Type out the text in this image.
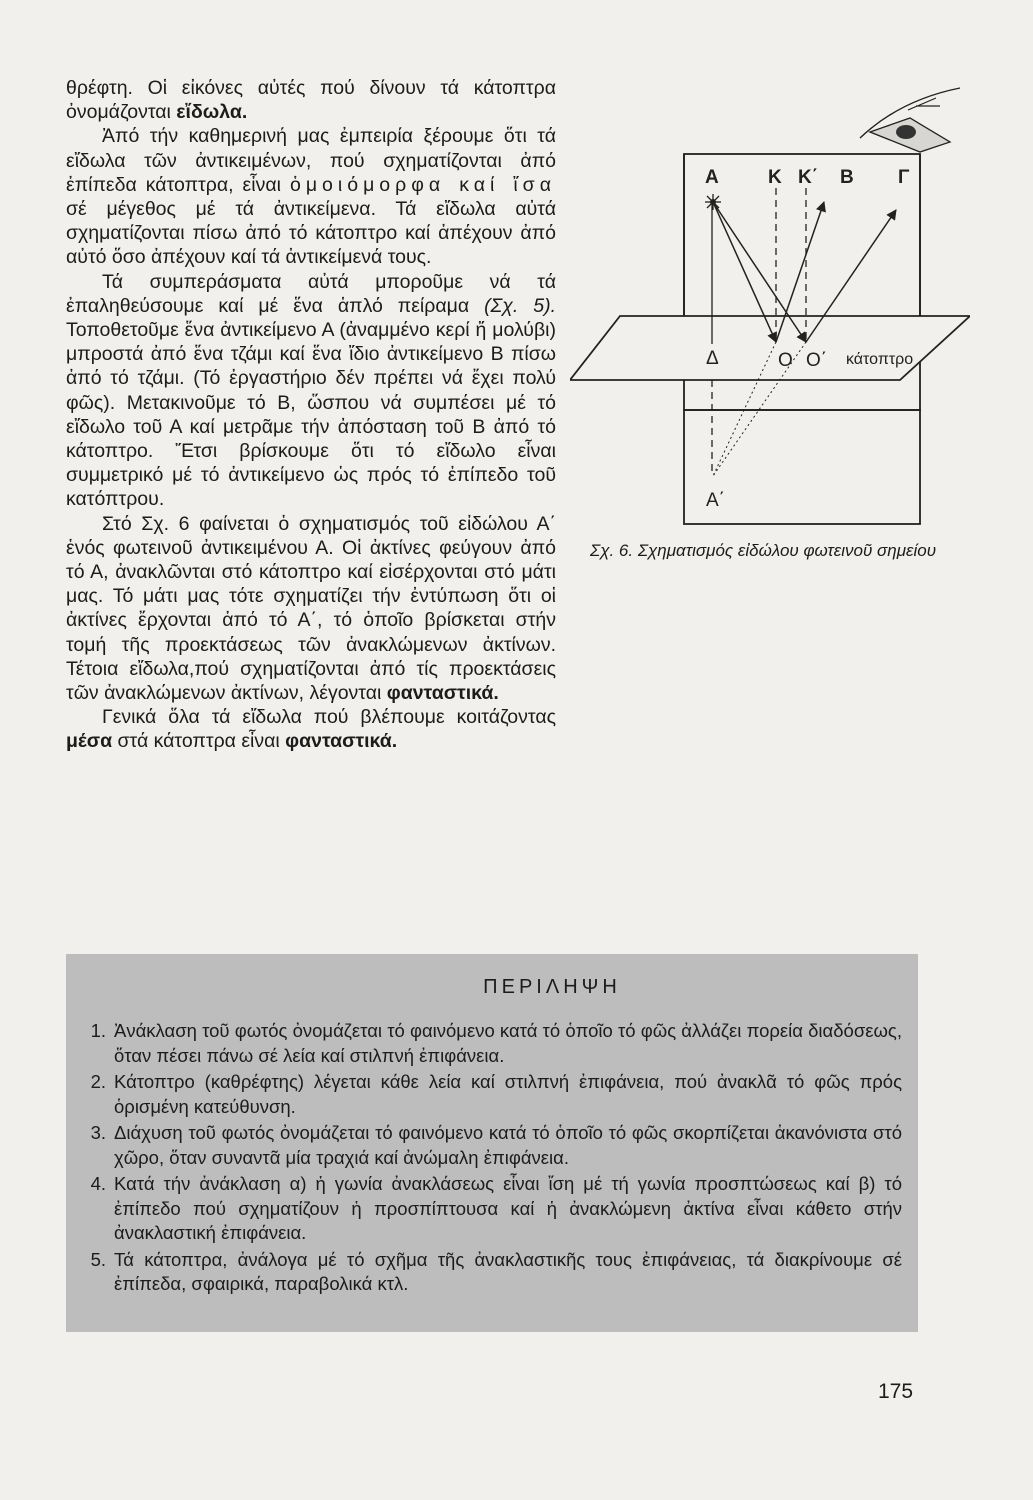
θρέφτη. Οἱ εἰκόνες αὐτές πού δίνουν τά κάτοπτρα ὀνομάζονται εἴδωλα.

Ἀπό τήν καθημερινή μας ἐμπειρία ξέρουμε ὅτι τά εἴδωλα τῶν ἀντικειμένων, πού σχηματίζονται ἀπό ἐπίπεδα κάτοπτρα, εἶναι ὁμοιόμορφα καί ἴσα σέ μέγεθος μέ τά ἀντικείμενα. Τά εἴδωλα αὐτά σχηματίζονται πίσω ἀπό τό κάτοπτρο καί ἀπέχουν ἀπό αὐτό ὅσο ἀπέχουν καί τά ἀντικείμενά τους.

Τά συμπεράσματα αὐτά μποροῦμε νά τά ἐπαληθεύσουμε καί μέ ἕνα ἁπλό πείραμα (Σχ. 5). Τοποθετοῦμε ἕνα ἀντικείμενο Α (ἀναμμένο κερί ἤ μολύβι) μπροστά ἀπό ἕνα τζάμι καί ἕνα ἴδιο ἀντικείμενο Β πίσω ἀπό τό τζάμι. (Τό ἐργαστήριο δέν πρέπει νά ἔχει πολύ φῶς). Μετακινοῦμε τό Β, ὥσπου νά συμπέσει μέ τό εἴδωλο τοῦ Α καί μετρᾶμε τήν ἀπόσταση τοῦ Β ἀπό τό κάτοπτρο. Ἔτσι βρίσκουμε ὅτι τό εἴδωλο εἶναι συμμετρικό μέ τό ἀντικείμενο ὡς πρός τό ἐπίπεδο τοῦ κατόπτρου.

Στό Σχ. 6 φαίνεται ὁ σχηματισμός τοῦ εἰδώλου Α΄ ἑνός φωτεινοῦ ἀντικειμένου Α. Οἱ ἀκτίνες φεύγουν ἀπό τό Α, ἀνακλῶνται στό κάτοπτρο καί εἰσέρχονται στό μάτι μας. Τό μάτι μας τότε σχηματίζει τήν ἐντύπωση ὅτι οἱ ἀκτίνες ἔρχονται ἀπό τό Α΄, τό ὁποῖο βρίσκεται στήν τομή τῆς προεκτάσεως τῶν ἀνακλώμενων ἀκτίνων. Τέτοια εἴδωλα,πού σχηματίζονται ἀπό τίς προεκτάσεις τῶν ἀνακλώμενων ἀκτίνων, λέγονται φανταστικά.

Γενικά ὅλα τά εἴδωλα πού βλέπουμε κοιτάζοντας μέσα στά κάτοπτρα εἶναι φανταστικά.

Α	Κ Κ΄ Β Γ
Δ	Ο Ο΄ κάτοπτρο
Α΄
Σχ. 6. Σχηματισμός εἰδώλου φωτεινοῦ σημείου
ΠΕΡΙΛΗΨΗ
1. Ἀνάκλαση τοῦ φωτός ὀνομάζεται τό φαινόμενο κατά τό ὁποῖο τό φῶς ἀλλάζει πορεία διαδόσεως, ὅταν πέσει πάνω σέ λεία καί στιλπνή ἐπιφάνεια.
2. Κάτοπτρο (καθρέφτης) λέγεται κάθε λεία καί στιλπνή ἐπιφάνεια, πού ἀνακλᾶ τό φῶς πρός ὁρισμένη κατεύθυνση.
3. Διάχυση τοῦ φωτός ὀνομάζεται τό φαινόμενο κατά τό ὁποῖο τό φῶς σκορπίζεται ἀκανόνιστα στό χῶρο, ὅταν συναντᾶ μία τραχιά καί ἀνώμαλη ἐπιφάνεια.
4. Κατά τήν ἀνάκλαση α) ἡ γωνία ἀνακλάσεως εἶναι ἴση μέ τή γωνία προσπτώσεως καί β) τό ἐπίπεδο πού σχηματίζουν ἡ προσπίπτουσα καί ἡ ἀνακλώμενη ἀκτίνα εἶναι κάθετο στήν ἀνακλαστική ἐπιφάνεια.
5. Τά κάτοπτρα, ἀνάλογα μέ τό σχῆμα τῆς ἀνακλαστικῆς τους ἐπιφάνειας, τά διακρίνουμε σέ ἐπίπεδα, σφαιρικά, παραβολικά κτλ.
175
